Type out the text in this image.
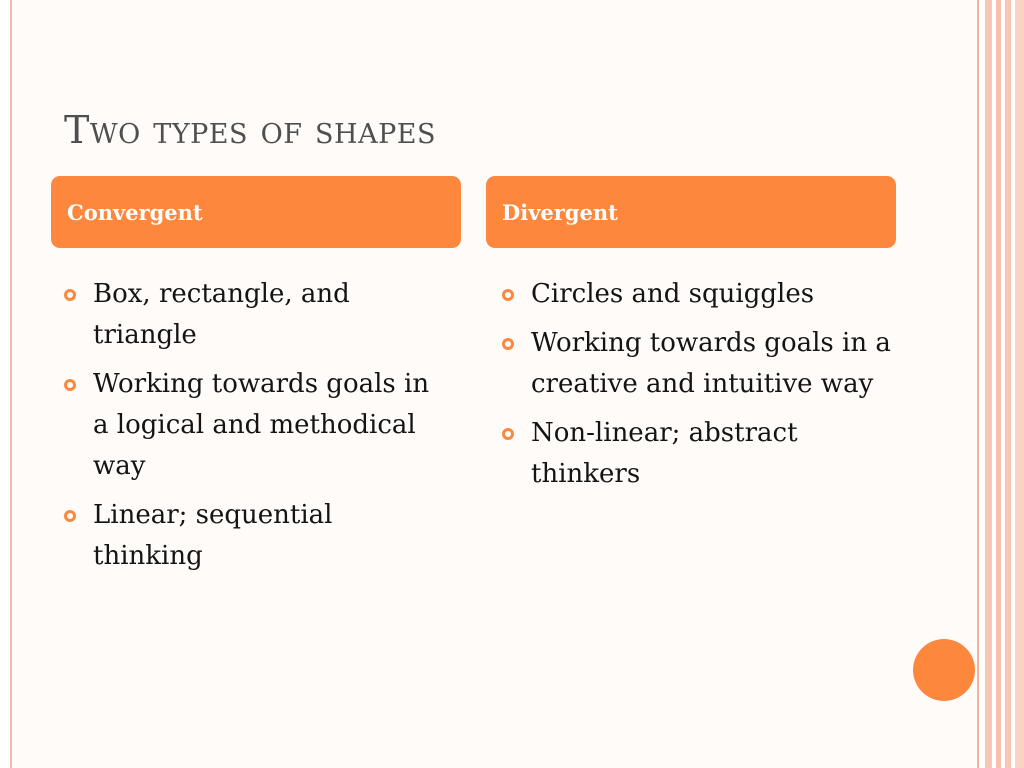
Two types of shapes
Convergent	Divergent
Box, rectangle, and triangle
Working towards goals in a logical and methodical way
Linear; sequential thinking
Circles and squiggles
Working towards goals in a creative and intuitive way
Non-linear; abstract thinkers
